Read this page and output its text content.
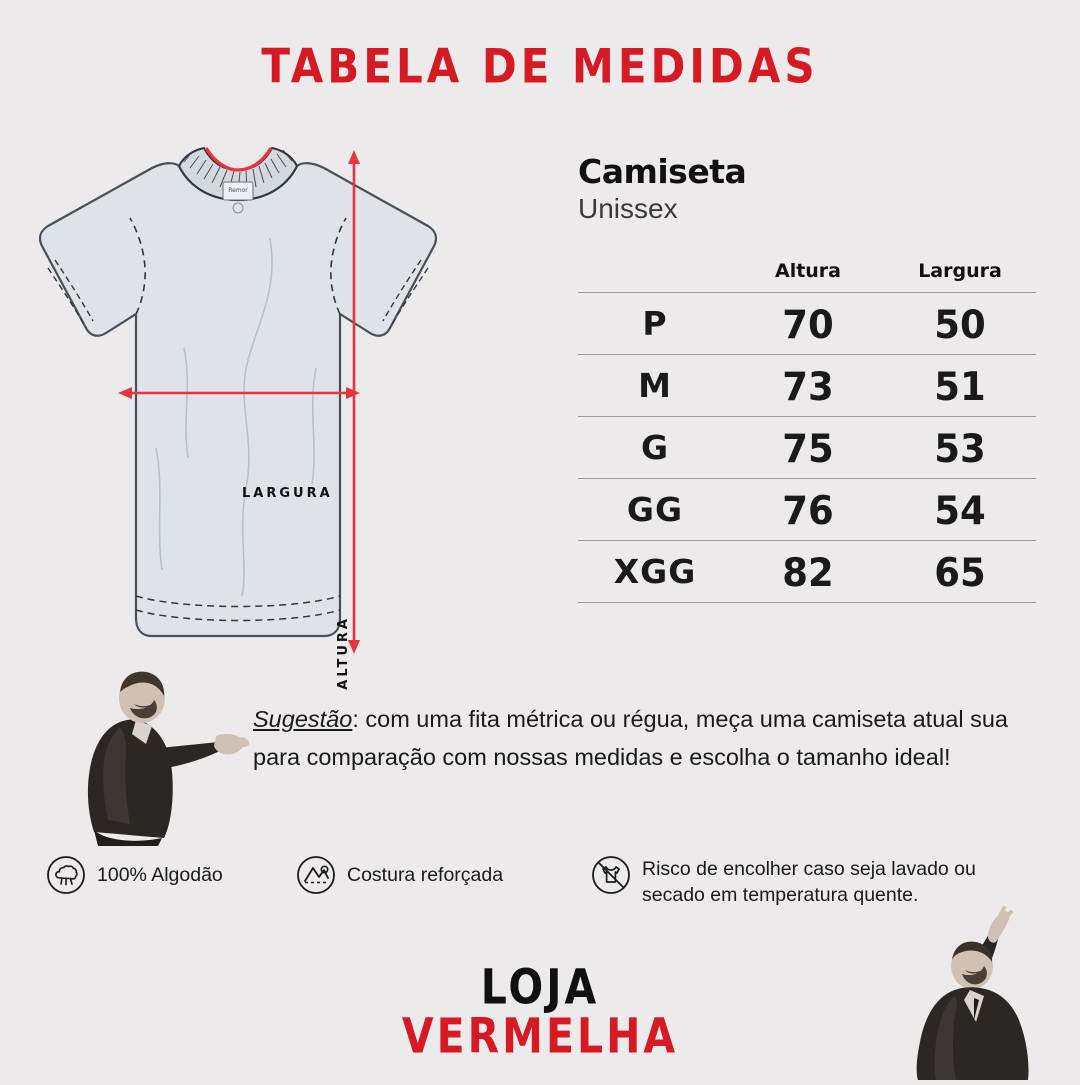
TABELA DE MEDIDAS
Remor
LARGURA
ALTURA
Camiseta
Unissex
	Altura	Largura
P	70	50
M	73	51
G	75	53
GG	76	54
XGG	82	65
Sugestão: com uma fita métrica ou régua, meça uma camiseta atual sua para comparação com nossas medidas e escolha o tamanho ideal!
100% Algodão	Costura reforçada	Risco de encolher caso seja lavado ou secado em temperatura quente.
LOJA
VERMELHA
